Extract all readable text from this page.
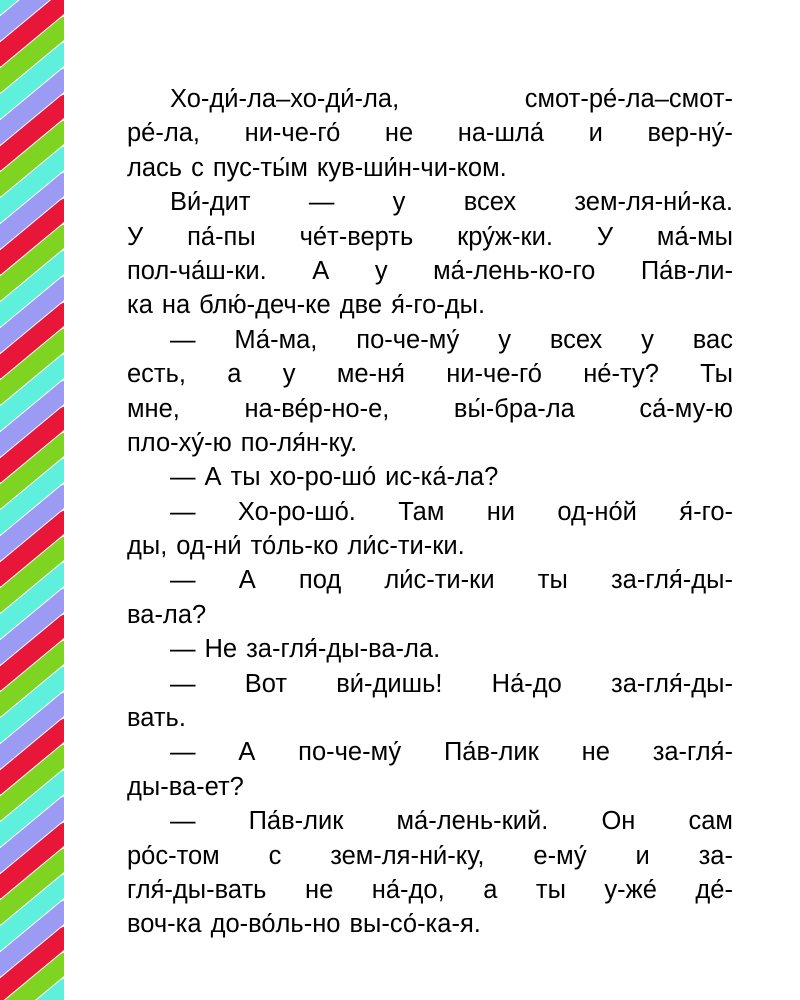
Хо-ди́-ла–хо-ди́-ла,	смот-ре́-ла–смот-
ре́-ла, ни-че-го́ не на-шла́ и вер-ну́-
лась с пус-ты́м кув-ши́н-чи-ком.
Ви́-дит — у всех зем-ля-ни́-ка.
У па́-пы че́т-верть кру́ж-ки. У ма́-мы
пол-ча́ш-ки. А у ма́-лень-ко-го Па́в-ли-
ка на блю́-деч-ке две я́-го-ды.
— Ма́-ма, по-че-му́ у всех у вас
есть, а у ме-ня́ ни-че-го́ не́-ту? Ты
мне,	на-ве́р-но-е,	вы́-бра-ла	са́-му-ю
пло-ху́-ю по-ля́н-ку.
— А ты хо-ро-шо́ ис-ка́-ла?
— Хо-ро-шо́. Там ни од-но́й я́-го-
ды, од-ни́ то́ль-ко ли́с-ти-ки.
— А под ли́с-ти-ки ты за-гля́-ды-
ва-ла?
— Не за-гля́-ды-ва-ла.
— Вот ви́-дишь! На́-до за-гля́-ды-
вать.
— А по-че-му́ Па́в-лик не за-гля́-
ды-ва-ет?
— Па́в-лик ма́-лень-кий. Он сам
ро́с-том с зем-ля-ни́-ку, е-му́ и за-
гля́-ды-вать не на́-до, а ты у-же́ де́-
воч-ка до-во́ль-но вы-со́-ка-я.
